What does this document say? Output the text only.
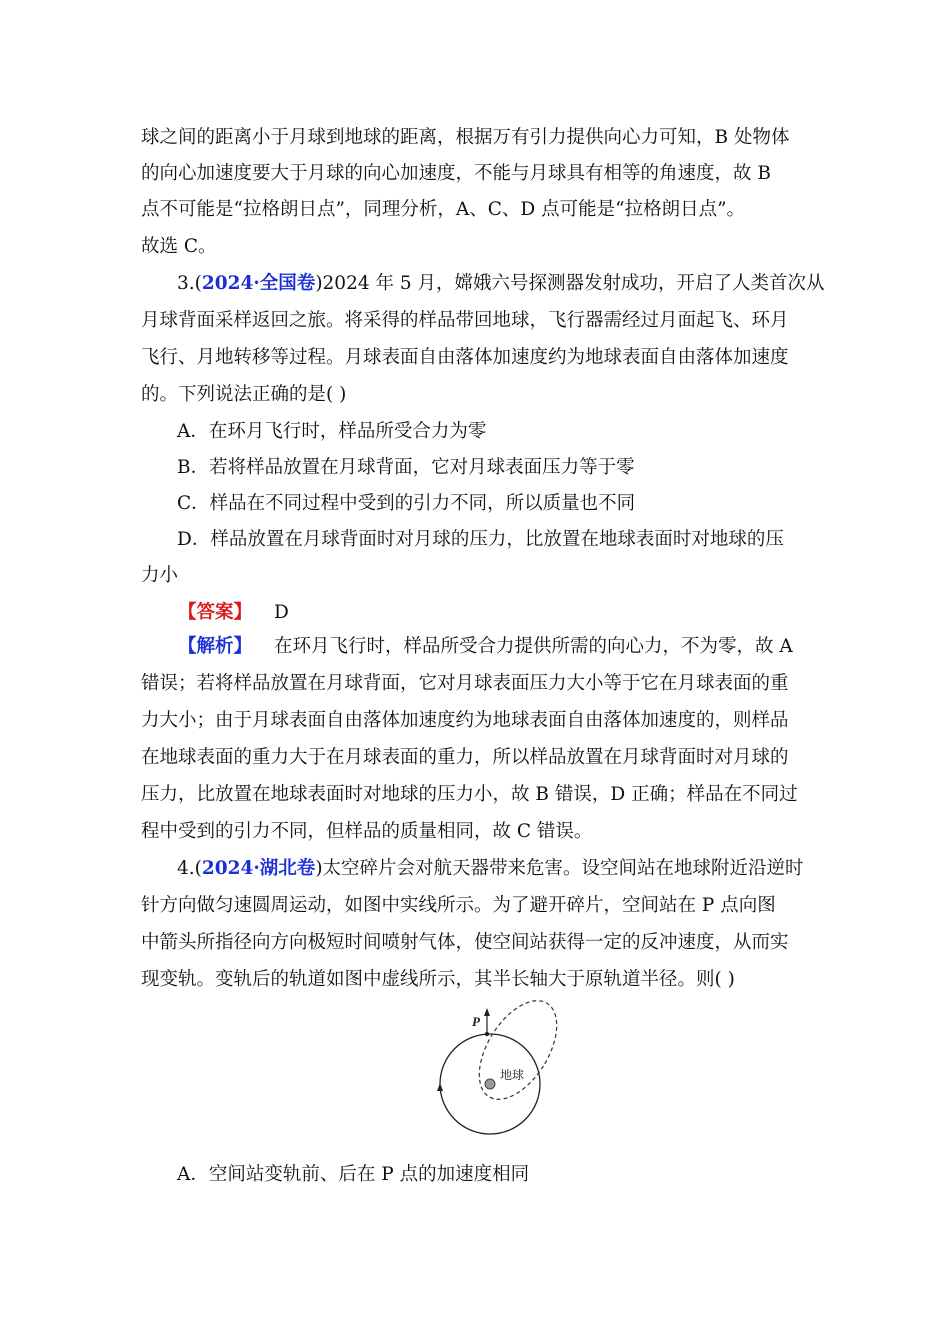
球之间的距离小于月球到地球的距离，根据万有引力提供向心力可知，B 处物体
的向心加速度要大于月球的向心加速度，不能与月球具有相等的角速度，故 B
点不可能是“拉格朗日点”，同理分析，A、C、D 点可能是“拉格朗日点”。
故选 C。
3.(2024·全国卷)2024 年 5 月，嫦娥六号探测器发射成功，开启了人类首次从
月球背面采样返回之旅。将采得的样品带回地球，飞行器需经过月面起飞、环月
飞行、月地转移等过程。月球表面自由落体加速度约为地球表面自由落体加速度
的。下列说法正确的是( )
A．在环月飞行时，样品所受合力为零
B．若将样品放置在月球背面，它对月球表面压力等于零
C．样品在不同过程中受到的引力不同，所以质量也不同
D．样品放置在月球背面时对月球的压力，比放置在地球表面时对地球的压
力小
【答案】 D
【解析】 在环月飞行时，样品所受合力提供所需的向心力，不为零，故 A
错误；若将样品放置在月球背面，它对月球表面压力大小等于它在月球表面的重
力大小；由于月球表面自由落体加速度约为地球表面自由落体加速度的，则样品
在地球表面的重力大于在月球表面的重力，所以样品放置在月球背面时对月球的
压力，比放置在地球表面时对地球的压力小，故 B 错误，D 正确；样品在不同过
程中受到的引力不同，但样品的质量相同，故 C 错误。
4.(2024·湖北卷)太空碎片会对航天器带来危害。设空间站在地球附近沿逆时
针方向做匀速圆周运动，如图中实线所示。为了避开碎片，空间站在 P 点向图
中箭头所指径向方向极短时间喷射气体，使空间站获得一定的反冲速度，从而实
现变轨。变轨后的轨道如图中虚线所示，其半长轴大于原轨道半径。则( )
P
地球
A．空间站变轨前、后在 P 点的加速度相同
